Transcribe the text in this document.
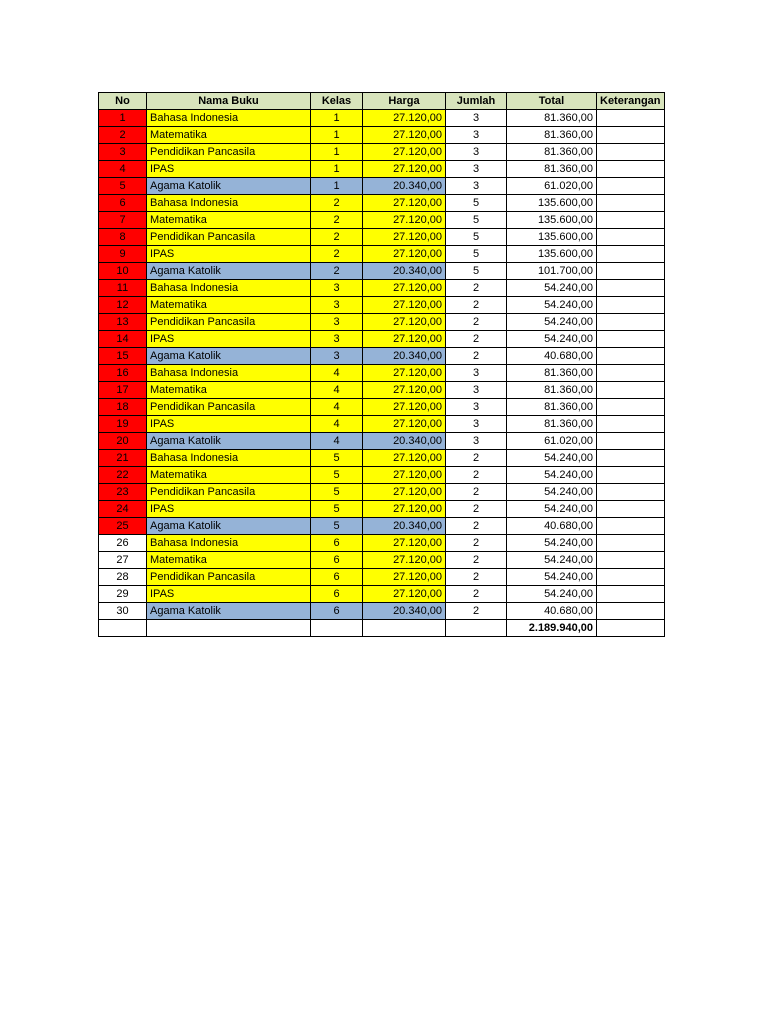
No	Nama Buku	Kelas	Harga	Jumlah	Total	Keterangan
1	Bahasa Indonesia	1	27.120,00	3	81.360,00	
2	Matematika	1	27.120,00	3	81.360,00	
3	Pendidikan Pancasila	1	27.120,00	3	81.360,00	
4	IPAS	1	27.120,00	3	81.360,00	
5	Agama Katolik	1	20.340,00	3	61.020,00	
6	Bahasa Indonesia	2	27.120,00	5	135.600,00	
7	Matematika	2	27.120,00	5	135.600,00	
8	Pendidikan Pancasila	2	27.120,00	5	135.600,00	
9	IPAS	2	27.120,00	5	135.600,00	
10	Agama Katolik	2	20.340,00	5	101.700,00	
11	Bahasa Indonesia	3	27.120,00	2	54.240,00	
12	Matematika	3	27.120,00	2	54.240,00	
13	Pendidikan Pancasila	3	27.120,00	2	54.240,00	
14	IPAS	3	27.120,00	2	54.240,00	
15	Agama Katolik	3	20.340,00	2	40.680,00	
16	Bahasa Indonesia	4	27.120,00	3	81.360,00	
17	Matematika	4	27.120,00	3	81.360,00	
18	Pendidikan Pancasila	4	27.120,00	3	81.360,00	
19	IPAS	4	27.120,00	3	81.360,00	
20	Agama Katolik	4	20.340,00	3	61.020,00	
21	Bahasa Indonesia	5	27.120,00	2	54.240,00	
22	Matematika	5	27.120,00	2	54.240,00	
23	Pendidikan Pancasila	5	27.120,00	2	54.240,00	
24	IPAS	5	27.120,00	2	54.240,00	
25	Agama Katolik	5	20.340,00	2	40.680,00	
26	Bahasa Indonesia	6	27.120,00	2	54.240,00	
27	Matematika	6	27.120,00	2	54.240,00	
28	Pendidikan Pancasila	6	27.120,00	2	54.240,00	
29	IPAS	6	27.120,00	2	54.240,00	
30	Agama Katolik	6	20.340,00	2	40.680,00	
					2.189.940,00	
